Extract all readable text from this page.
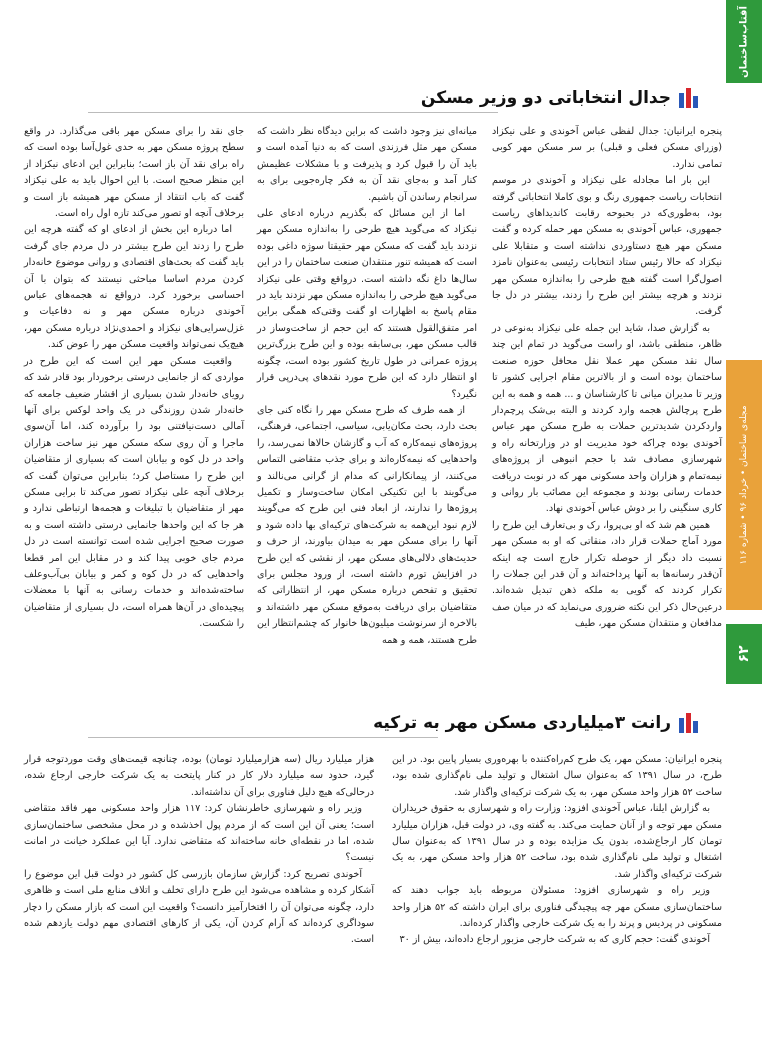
آفتاب‌ساختمان
مجله‌ی ساختمان • خرداد ۹۶ • شماره ۱۱۶
۶۲
جدال انتخاباتی دو وزیر مسکن

پنجره ایرانیان: جدال لفظی عباس آخوندی و علی نیکزاد (وزرای مسکن فعلی و قبلی) بر سر مسکن مهر کوبی تمامی ندارد.

این بار اما مجادله علی نیکزاد و آخوندی در موسم انتخابات ریاست جمهوری رنگ و بوی کاملا انتخاباتی گرفته بود، به‌طوری‌که در بحبوحه رقابت کاندیداهای ریاست جمهوری، عباس آخوندی به مسکن مهر حمله کرده و گفت مسکن مهر هیچ دستاوردی نداشته است و متقابلا علی نیکزاد که حالا رئیس ستاد انتخابات رئیسی به‌عنوان نامزد اصول‌گرا است گفته هیچ طرحی را به‌اندازه مسکن مهر نزدند و هرچه بیشتر این طرح را زدند، بیشتر در دل جا گرفت.

به گزارش صدا، شاید این جمله علی نیکزاد به‌نوعی در ظاهر، منطقی باشد، او راست می‌گوید در تمام این چند سال نقد مسکن مهر عملا نقل محافل حوزه صنعت ساختمان بوده است و از بالاترین مقام اجرایی کشور تا وزیر تا مدیران میانی تا کارشناسان و ... همه و همه به این طرح پرچالش هجمه وارد کردند و البته بی‌شک پرچم‌دار واردکردن شدیدترین حملات به طرح مسکن مهر عباس آخوندی بوده چراکه خود مدیریت او در وزارتخانه راه و شهرسازی مصادف شد با حجم انبوهی از پروژه‌های نیمه‌تمام و هزاران واحد مسکونی مهر که در نوبت دریافت خدمات رسانی بودند و مجموعه این مصائب بار روانی و کاری سنگینی را بر دوش عباس آخوندی نهاد.

همین هم شد که او بی‌پروا، رک و بی‌تعارف این طرح را مورد آماج حملات قرار داد، منقاتی که او به مسکن مهر نسبت داد دیگر از حوصله تکرار خارج است چه اینکه آن‌قدر رسانه‌ها به آنها پرداخته‌اند و آن قدر این جملات را تکرار کردند که گویی به ملکه ذهن تبدیل شده‌اند. درعین‌حال ذکر این نکته ضروری می‌نماید که در میان صف مدافعان و منتقدان مسکن مهر، طیف

میانه‌ای نیز وجود داشت که براین دیدگاه نظر داشت که مسکن مهر مثل فرزندی است که به دنیا آمده است و باید آن را قبول کرد و پذیرفت و با مشکلات عظیمش کنار آمد و به‌جای نقد آن به فکر چاره‌جویی برای به سرانجام رساندن آن باشیم.

اما از این مسائل که بگذریم درباره ادعای علی نیکزاد که می‌گوید هیچ طرحی را به‌اندازه مسکن مهر نزدند باید گفت که مسکن مهر حقیقتا سوژه داغی بوده است که همیشه تنور منتقدان صنعت ساختمان را در این سال‌ها داغ نگه داشته است. درواقع وقتی علی نیکزاد می‌گوید هیچ طرحی را به‌اندازه مسکن مهر نزدند باید در مقام پاسخ به اظهارات او گفت وقتی‌که همگی براین امر متفق‌القول هستند که این حجم از ساخت‌وساز در قالب مسکن مهر، بی‌سابقه بوده و این طرح بزرگ‌ترین پروژه عمرانی در طول تاریخ کشور بوده است، چگونه او انتظار دارد که این طرح مورد نقدهای پی‌درپی قرار نگیرد؟

از همه طرف که طرح مسکن مهر را نگاه کنی جای بحث دارد، بحث مکان‌یابی، سیاسی، اجتماعی، فرهنگی، پروژه‌های نیمه‌کاره که آب و گازشان حالاها نمی‌رسد، را واحدهایی که نیمه‌کاره‌اند و برای جذب متقاضی التماس می‌کنند، از پیمانکارانی که مدام از گرانی می‌نالند و می‌گویند با این تکنیکی امکان ساخت‌وساز و تکمیل پروژه‌ها را ندارند، از ابعاد فنی این طرح که می‌گویند لازم نبود این‌همه به شرکت‌های ترکیه‌ای بها داده شود و آنها را برای مسکن مهر به میدان بیاورند، از حرف و حدیث‌های دلالی‌های مسکن مهر، از نقشی که این طرح در افزایش تورم داشته است، از ورود مجلس برای تحقیق و تفحص درباره مسکن مهر، از انتظاراتی که متقاضیان برای دریافت به‌موقع مسکن مهر داشته‌اند و بالاخره از سرنوشت میلیون‌ها خانوار که چشم‌انتظار این طرح هستند، همه و همه

جای نقد را برای مسکن مهر باقی می‌گذارد. در واقع سطح پروژه مسکن مهر به حدی غول‌آسا بوده است که راه برای نقد آن باز است؛ بنابراین این ادعای نیکزاد از این منظر صحیح است. با این احوال باید به علی نیکزاد گفت که باب انتقاد از مسکن مهر همیشه باز است و برخلاف آنچه او تصور می‌کند تازه اول راه است.

اما درباره این بخش از ادعای او که گفته هرچه این طرح را زدند این طرح بیشتر در دل مردم جای گرفت باید گفت که بحث‌های اقتصادی و روانی موضوع خانه‌دار کردن مردم اساسا مباحثی نیستند که بتوان با آن احساسی برخورد کرد. درواقع نه هجمه‌های عباس آخوندی درباره مسکن مهر و نه دفاعیات و غزل‌سرایی‌های نیکزاد و احمدی‌نژاد درباره مسکن مهر، هیچ‌یک نمی‌تواند واقعیت مسکن مهر را عوض کند.

واقعیت مسکن مهر این است که این طرح در مواردی که از جانمایی درستی برخوردار بود قادر شد که رویای خانه‌دار شدن بسیاری از اقشار ضعیف جامعه که خانه‌دار شدن روزندگی در یک واحد لوکس برای آنها آمالی دست‌نیافتنی بود را برآورده کند، اما آن‌سوی ماجرا و آن روی سکه مسکن مهر نیز ساخت هزاران واحد در دل کوه و بیابان است که بسیاری از متقاضیان این طرح را مستاصل کرد؛ بنابراین می‌توان گفت که برخلاف آنچه علی نیکزاد تصور می‌کند تا برایی مسکن مهر از متقاضیان با تبلیغات و هجمه‌ها ارتباطی ندارد و هر جا که این واحدها جانمایی درستی داشته است و به صورت صحیح اجرایی شده است توانسته است در دل مردم جای خوبی پیدا کند و در مقابل این امر قطعا واحدهایی که در دل کوه و کمر و بیابان بی‌آب‌وعلف ساخته‌شده‌اند و خدمات رسانی به آنها با معضلات پیچیده‌ای در آن‌ها همراه است، دل بسیاری از متقاضیان را شکست.

رانت ۳میلیاردی مسکن مهر به ترکیه

پنجره ایرانیان: مسکن مهر، یک طرح کم‌راه‌کننده با بهره‌وری بسیار پایین بود. در این طرح، در سال ۱۳۹۱ که به‌عنوان سال اشتغال و تولید ملی نام‌گذاری شده بود، ساخت ۵۲ هزار واحد مسکن مهر، به یک شرکت ترکیه‌ای واگذار شد.

به گزارش ایلنا، عباس آخوندی افزود: وزارت راه و شهرسازی به حقوق خریداران مسکن مهر توجه و از آنان حمایت می‌کند. به گفته وی، در دولت قبل، هزاران میلیارد تومان کار ارجاع‌شده، بدون یک مزایده بوده و در سال ۱۳۹۱ که به‌عنوان سال اشتغال و تولید ملی نام‌گذاری شده بود، ساخت ۵۲ هزار واحد مسکن مهر، به یک شرکت ترکیه‌ای واگذار شد.

وزیر راه و شهرسازی افزود: مسئولان مربوطه باید جواب دهند که ساختمان‌سازی مسکن مهر چه پیچیدگی فناوری برای ایران داشته که ۵۲ هزار واحد مسکونی در پردیس و پرند را به یک شرکت خارجی واگذار کرده‌اند.

آخوندی گفت: حجم کاری که به شرکت خارجی مزبور ارجاع داده‌اند، بیش از ۳۰

هزار میلیارد ریال (سه هزارمیلیارد تومان) بوده، چنانچه قیمت‌های وقت موردتوجه قرار گیرد، حدود سه میلیارد دلار کار در کنار پایتخت به یک شرکت خارجی ارجاع شده، درحالی‌که هیچ دلیل فناوری برای آن نداشته‌اند.

وزیر راه و شهرسازی خاطرنشان کرد: ۱۱۷ هزار واحد مسکونی مهر فاقد متقاضی است؛ یعنی آن این است که از مردم پول اخذشده و در محل مشخصی ساختمان‌سازی شده، اما در نقطه‌ای خانه ساخته‌اند که متقاضی ندارد. آیا این عملکرد خیانت در امانت نیست؟

آخوندی تصریح کرد: گزارش سازمان بازرسی کل کشور در دولت قبل این موضوع را آشکار کرده و مشاهده می‌شود این طرح دارای تخلف و اتلاف منابع ملی است و ظاهری دارد، چگونه می‌توان آن را افتخارآمیز دانست؟ واقعیت این است که بازار مسکن را دچار سوداگری کرده‌اند که آرام کردن آن، یکی از کارهای اقتصادی مهم دولت یازدهم شده است.
